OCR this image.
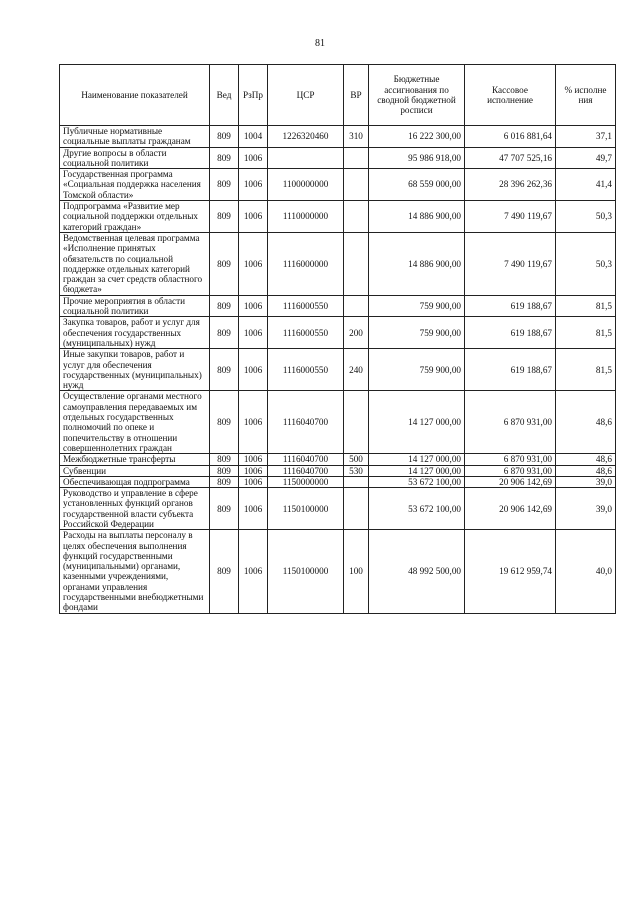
81
Наименование показателей	Вед	РзПр	ЦСР	ВР	Бюджетные ассигнования по сводной бюджетной росписи	Кассовое исполнение	% исполне ния
Публичные нормативные социальные выплаты гражданам	809	1004	1226320460	310	16 222 300,00	6 016 881,64	37,1
Другие вопросы в области социальной политики	809	1006			95 986 918,00	47 707 525,16	49,7
Государственная программа «Социальная поддержка населения Томской области»	809	1006	1100000000		68 559 000,00	28 396 262,36	41,4
Подпрограмма «Развитие мер социальной поддержки отдельных категорий граждан»	809	1006	1110000000		14 886 900,00	7 490 119,67	50,3
Ведомственная целевая программа «Исполнение принятых обязательств по социальной поддержке отдельных категорий граждан за счет средств областного бюджета»	809	1006	1116000000		14 886 900,00	7 490 119,67	50,3
Прочие мероприятия в области социальной политики	809	1006	1116000550		759 900,00	619 188,67	81,5
Закупка товаров, работ и услуг для обеспечения государственных (муниципальных) нужд	809	1006	1116000550	200	759 900,00	619 188,67	81,5
Иные закупки товаров, работ и услуг для обеспечения государственных (муниципальных) нужд	809	1006	1116000550	240	759 900,00	619 188,67	81,5
Осуществление органами местного самоуправления передаваемых им отдельных государственных полномочий по опеке и попечительству в отношении совершеннолетних граждан	809	1006	1116040700		14 127 000,00	6 870 931,00	48,6
Межбюджетные трансферты	809	1006	1116040700	500	14 127 000,00	6 870 931,00	48,6
Субвенции	809	1006	1116040700	530	14 127 000,00	6 870 931,00	48,6
Обеспечивающая подпрограмма	809	1006	1150000000		53 672 100,00	20 906 142,69	39,0
Руководство и управление в сфере установленных функций органов государственной власти субъекта Российской Федерации	809	1006	1150100000		53 672 100,00	20 906 142,69	39,0
Расходы на выплаты персоналу в целях обеспечения выполнения функций государственными (муниципальными) органами, казенными учреждениями, органами управления государственными внебюджетными фондами	809	1006	1150100000	100	48 992 500,00	19 612 959,74	40,0
